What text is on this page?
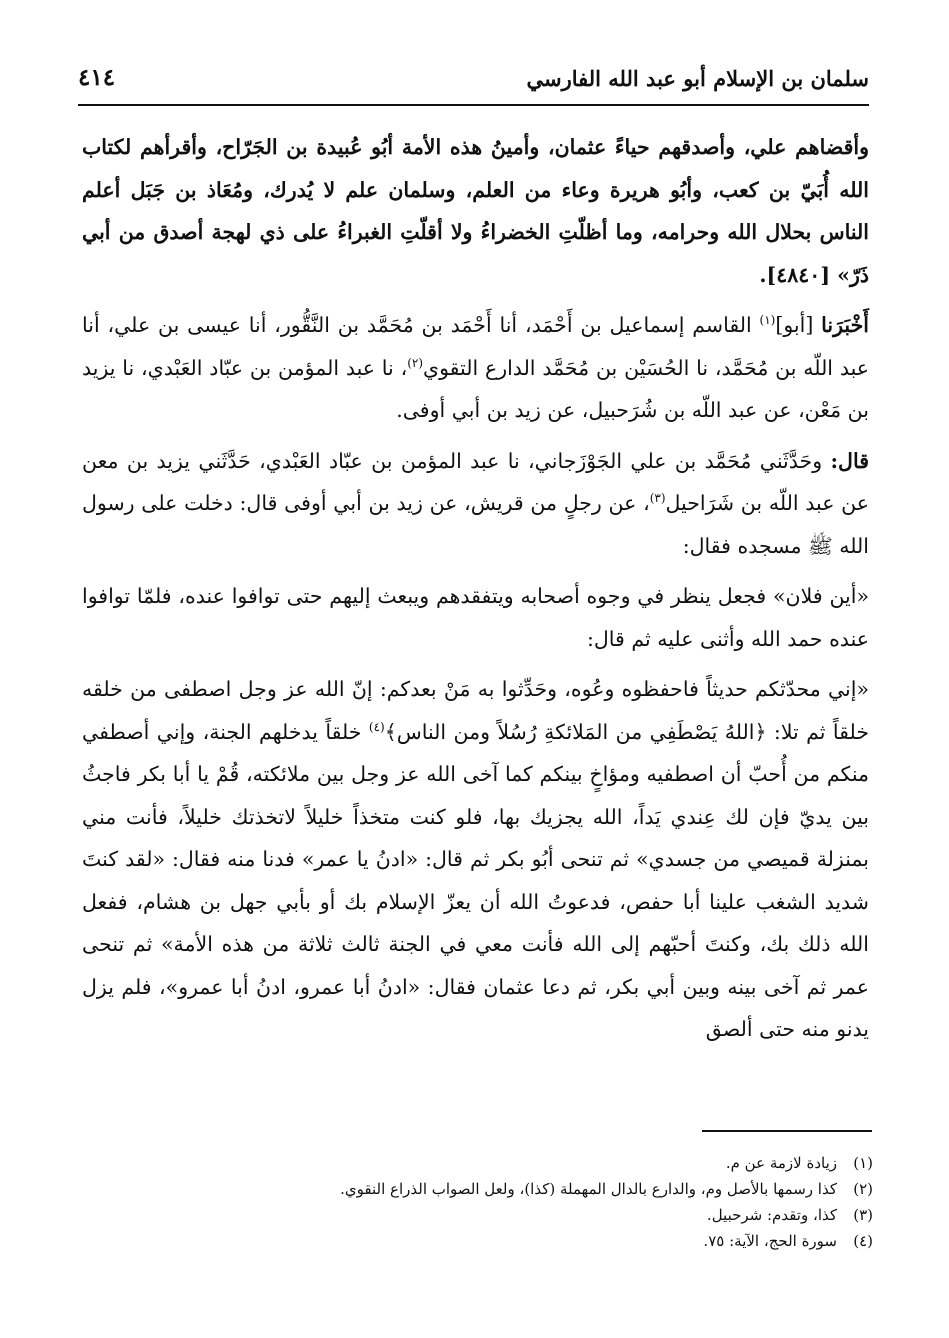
سلمان بن الإسلام أبو عبد الله الفارسي
٤١٤

وأقضاهم علي، وأصدقهم حياءً عثمان، وأمينُ هذه الأمة أبُو عُبيدة بن الجَرّاح، وأقرأهم لكتاب الله أُبَيّ بن كعب، وأبُو هريرة وعاء من العلم، وسلمان علم لا يُدرك، ومُعَاذ بن جَبَل أعلم الناس بحلال الله وحرامه، وما أظلّتِ الخضراءُ ولا أقلّتِ الغبراءُ على ذي لهجة أصدق من أبي ذَرّ» [٤٨٤٠].

أَخْبَرَنا [أبو]$^{(١)}$ القاسم إسماعيل بن أَحْمَد، أنا أَحْمَد بن مُحَمَّد بن النَّقُّور، أنا عيسى بن علي، أنا عبد اللّه بن مُحَمَّد، نا الحُسَيْن بن مُحَمَّد الدارع التقوي$^{(٢)}$، نا عبد المؤمن بن عبّاد العَبْدي، نا يزيد بن مَعْن، عن عبد اللّه بن شُرَحبيل، عن زيد بن أبي أوفى.

قال: وحَدَّثَني مُحَمَّد بن علي الجَوْزَجاني، نا عبد المؤمن بن عبّاد العَبْدي، حَدَّثَني يزيد بن معن عن عبد اللّه بن شَرَاحيل$^{(٣)}$، عن رجلٍ من قريش، عن زيد بن أبي أوفى قال: دخلت على رسول الله ﷺ مسجده فقال:

«أين فلان» فجعل ينظر في وجوه أصحابه ويتفقدهم ويبعث إليهم حتى توافوا عنده، فلمّا توافوا عنده حمد الله وأثنى عليه ثم قال:

«إني محدّثكم حديثاً فاحفظوه وعُوه، وحَدِّثوا به مَنْ بعدكم: إنّ الله عز وجل اصطفى من خلقه خلقاً ثم تلا: ﴿اللهُ يَصْطَفِي من المَلائكةِ رُسُلاً ومن الناس﴾$^{(٤)}$ خلقاً يدخلهم الجنة، وإني أصطفي منكم من أُحبّ أن اصطفيه ومؤاخٍ بينكم كما آخى الله عز وجل بين ملائكته، قُمْ يا أبا بكر فاجثُ بين يديّ فإن لك عِندي يَداً، الله يجزيك بها، فلو كنت متخذاً خليلاً لاتخذتك خليلاً، فأنت مني بمنزلة قميصي من جسدي» ثم تنحى أبُو بكر ثم قال: «ادنُ يا عمر» فدنا منه فقال: «لقد كنتَ شديد الشغب علينا أبا حفص، فدعوتُ الله أن يعزّ الإسلام بك أو بأبي جهل بن هشام، ففعل الله ذلك بك، وكنتَ أحبّهم إلى الله فأنت معي في الجنة ثالث ثلاثة من هذه الأمة» ثم تنحى عمر ثم آخى بينه وبين أبي بكر، ثم دعا عثمان فقال: «ادنُ أبا عمرو، ادنُ أبا عمرو»، فلم يزل يدنو منه حتى ألصق

(١)زيادة لازمة عن م.
(٢)كذا رسمها بالأصل وم، والدارع بالدال المهملة (كذا)، ولعل الصواب الذراع النقوي.
(٣)كذا، وتقدم: شرحبيل.
(٤)سورة الحج، الآية: ٧٥.
